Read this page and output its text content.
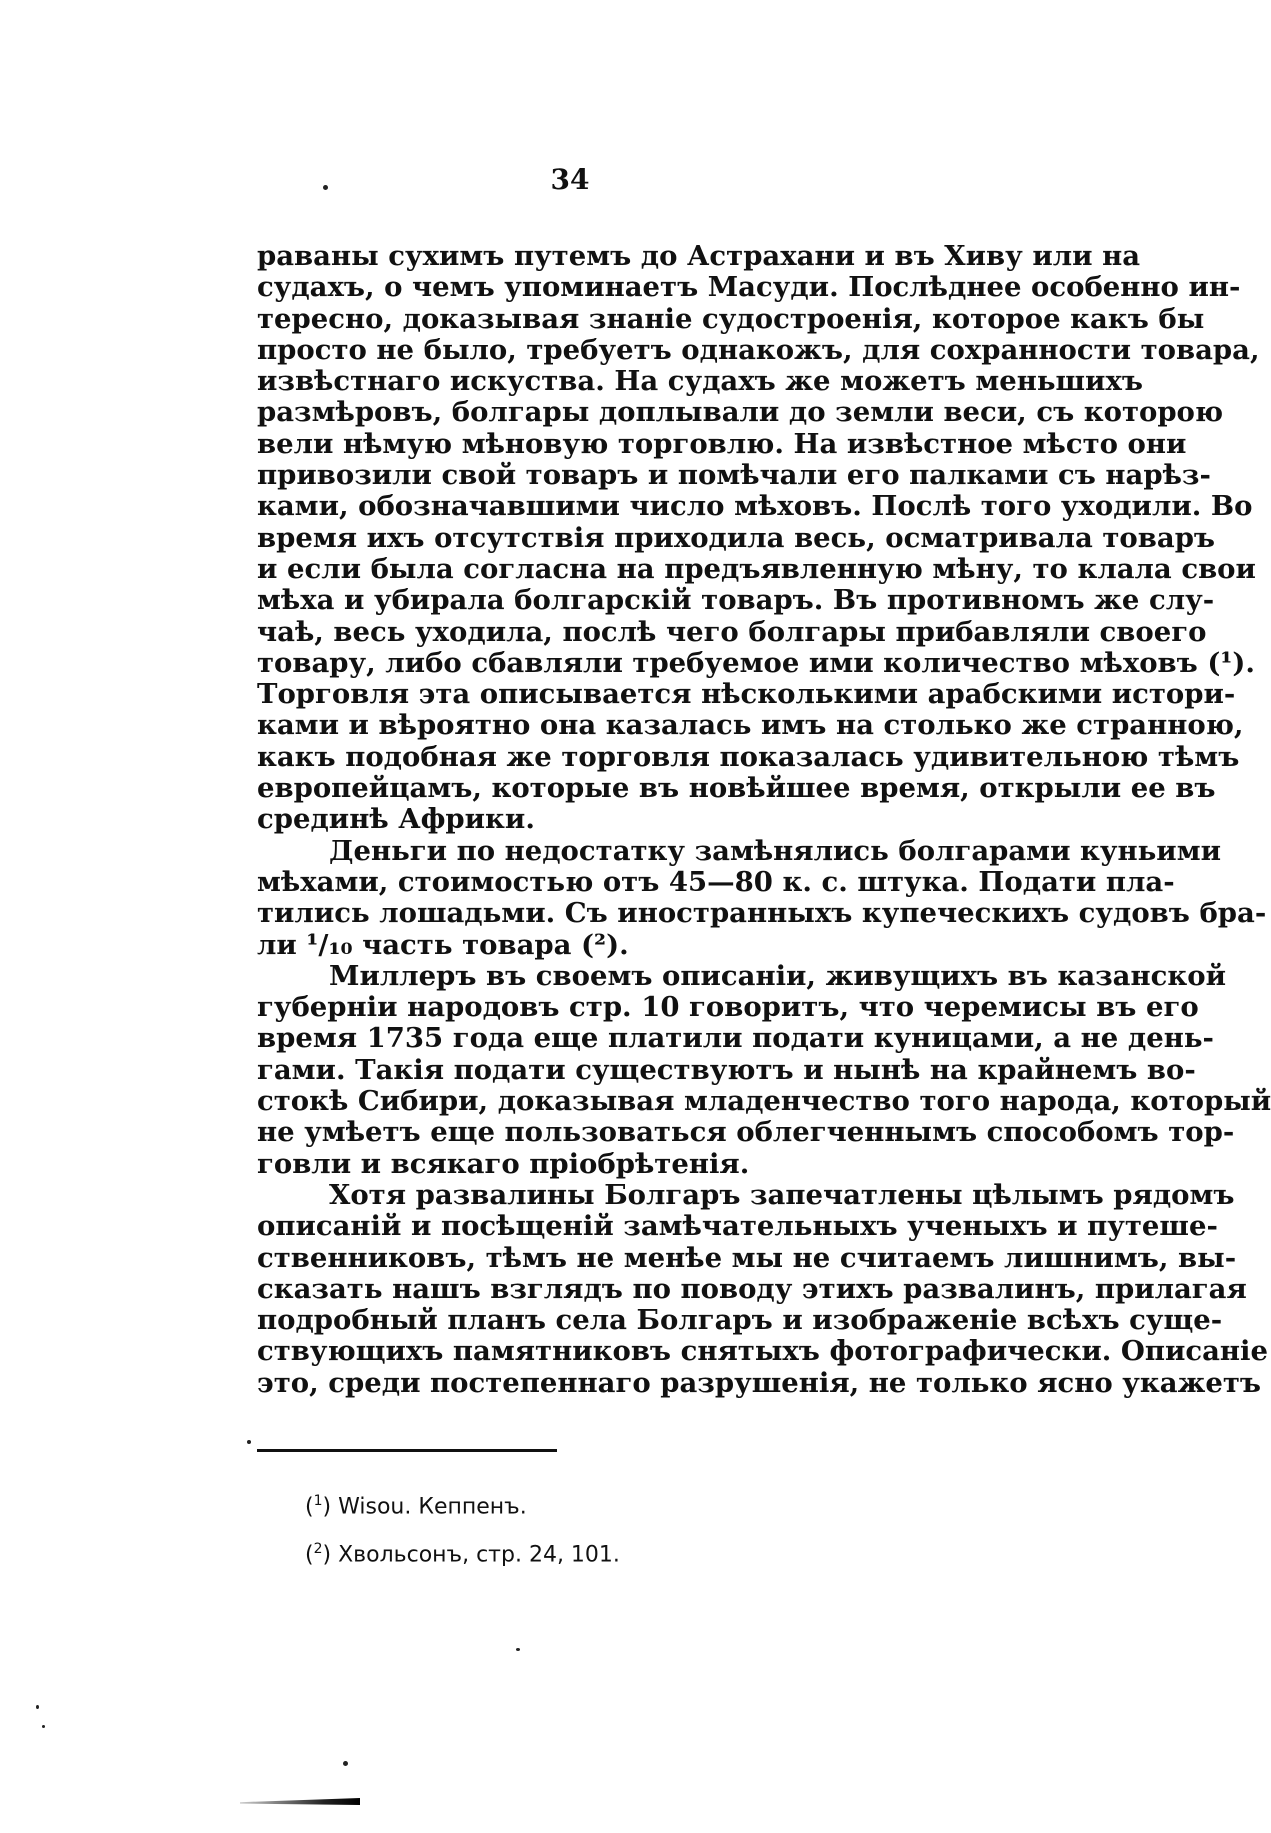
34
раваны сухимъ путемъ до Астрахани и въ Хиву или на
судахъ, о чемъ упоминаетъ Масуди. Послѣднее особенно ин-
тересно, доказывая знаніе судостроенія, которое какъ бы
просто не было, требуетъ однакожъ, для сохранности товара,
извѣстнаго искуства. На судахъ же можетъ меньшихъ
размѣровъ, болгары доплывали до земли веси, съ которою
вели нѣмую мѣновую торговлю. На извѣстное мѣсто они
привозили свой товаръ и помѣчали его палками съ нарѣз-
ками, обозначавшими число мѣховъ. Послѣ того уходили. Во
время ихъ отсутствія приходила весь, осматривала товаръ
и если была согласна на предъявленную мѣну, то клала свои
мѣха и убирала болгарскій товаръ. Въ противномъ же слу-
чаѣ, весь уходила, послѣ чего болгары прибавляли своего
товару, либо сбавляли требуемое ими количество мѣховъ (¹).
Торговля эта описывается нѣсколькими арабскими истори-
ками и вѣроятно она казалась имъ на столько же странною,
какъ подобная же торговля показалась удивительною тѣмъ
европейцамъ, которые въ новѣйшее время, открыли ее въ
срединѣ Африки.
Деньги по недостатку замѣнялись болгарами куньими
мѣхами, стоимостью отъ 45—80 к. с. штука. Подати пла-
тились лошадьми. Съ иностранныхъ купеческихъ судовъ бра-
ли ¹/₁₀ часть товара (²).
Миллеръ въ своемъ описаніи, живущихъ въ казанской
губерніи народовъ стр. 10 говоритъ, что черемисы въ его
время 1735 года еще платили подати куницами, а не день-
гами. Такія подати существуютъ и нынѣ на крайнемъ во-
стокѣ Сибири, доказывая младенчество того народа, который
не умѣетъ еще пользоваться облегченнымъ способомъ тор-
говли и всякаго пріобрѣтенія.
Хотя развалины Болгаръ запечатлены цѣлымъ рядомъ
описаній и посѣщеній замѣчательныхъ ученыхъ и путеше-
ственниковъ, тѣмъ не менѣе мы не считаемъ лишнимъ, вы-
сказать нашъ взглядъ по поводу этихъ развалинъ, прилагая
подробный планъ села Болгаръ и изображеніе всѣхъ суще-
ствующихъ памятниковъ снятыхъ фотографически. Описаніе
это, среди постепеннаго разрушенія, не только ясно укажетъ
($^1$) Wisou. Кеппенъ.
($^2$) Хвольсонъ, стр. 24, 101.
